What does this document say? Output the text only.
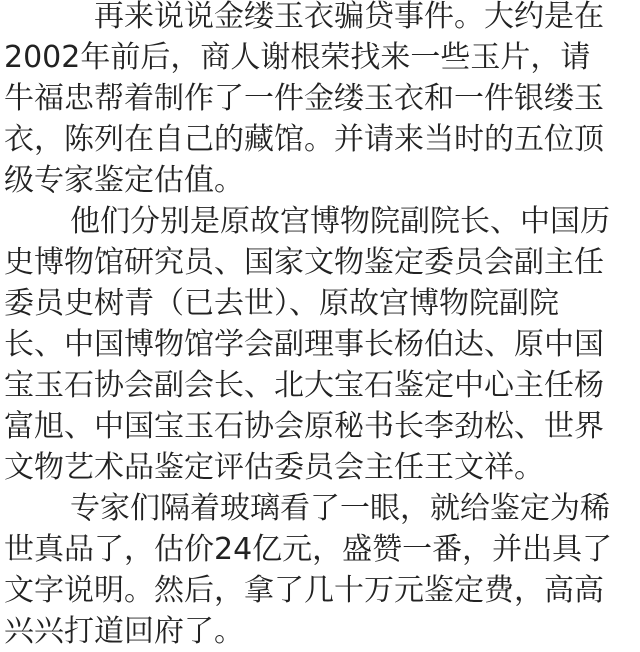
再来说说金缕玉衣骗贷事件。大约是在
2002年前后，商人谢根荣找来一些玉片，请
牛福忠帮着制作了一件金缕玉衣和一件银缕玉
衣，陈列在自己的藏馆。并请来当时的五位顶
级专家鉴定估值。
他们分别是原故宫博物院副院长、中国历
史博物馆研究员、国家文物鉴定委员会副主任
委员史树青（已去世）、原故宫博物院副院
长、中国博物馆学会副理事长杨伯达、原中国
宝玉石协会副会长、北大宝石鉴定中心主任杨
富旭、中国宝玉石协会原秘书长李劲松、世界
文物艺术品鉴定评估委员会主任王文祥。
专家们隔着玻璃看了一眼，就给鉴定为稀
世真品了，估价24亿元，盛赞一番，并出具了
文字说明。然后，拿了几十万元鉴定费，高高
兴兴打道回府了。
